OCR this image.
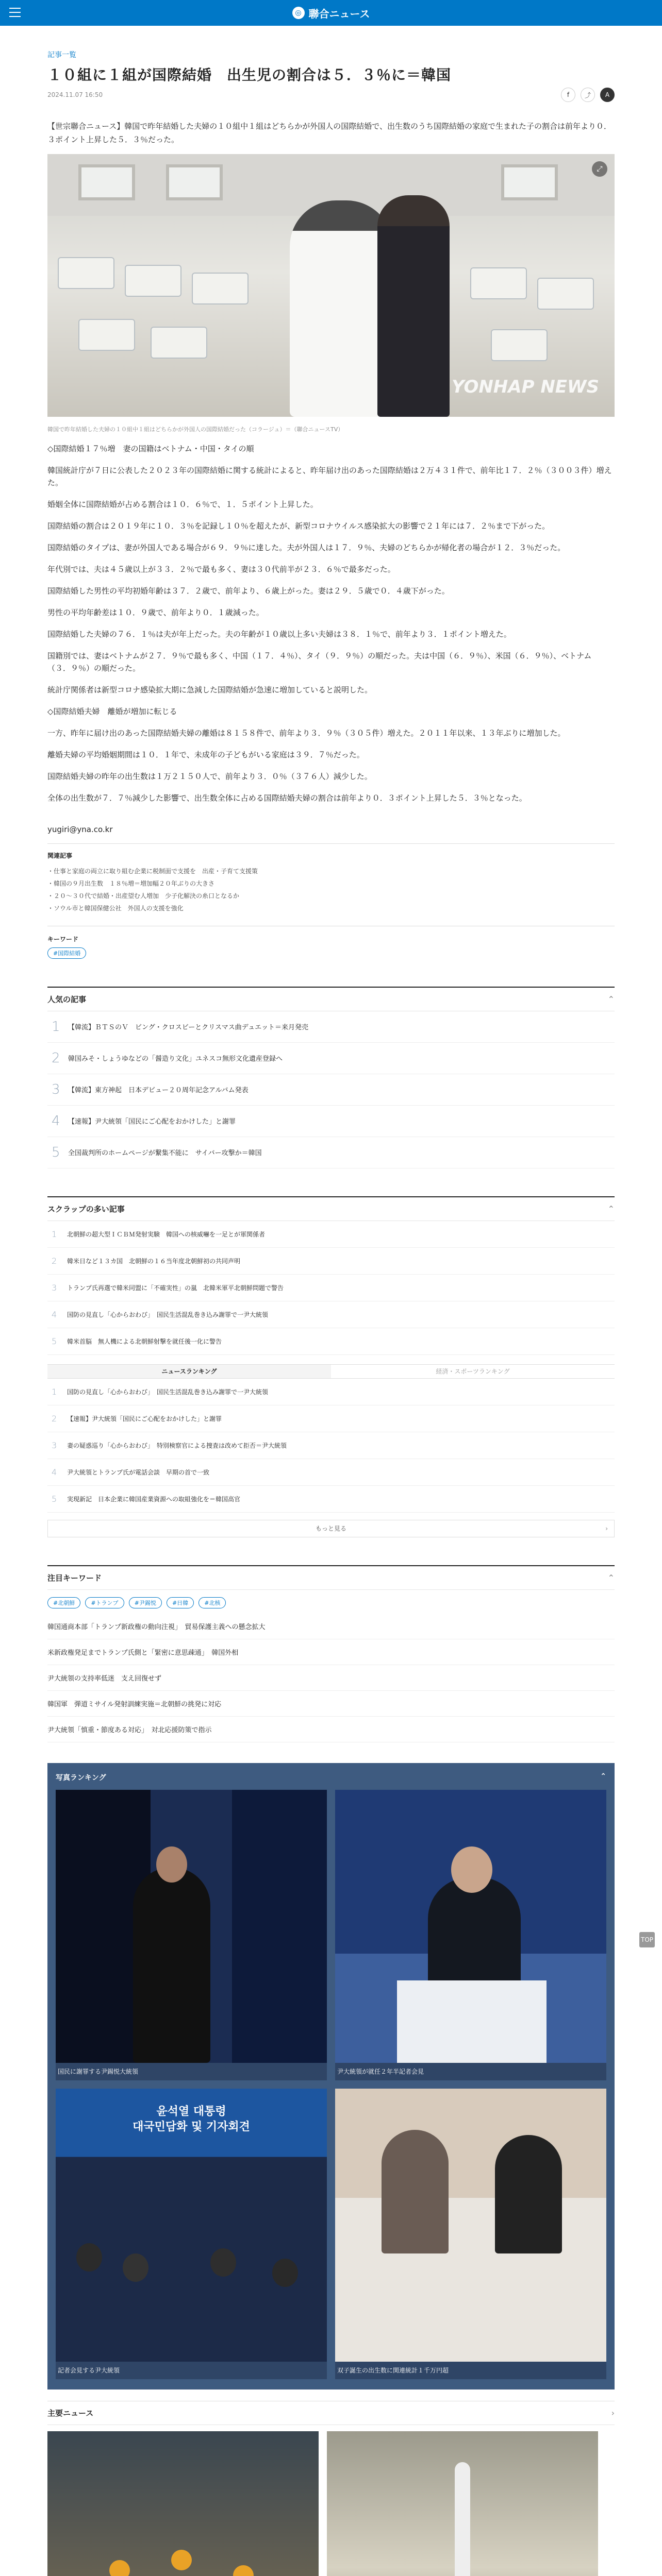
◎ 聯合ニュース
記事一覧
１０組に１組が国際結婚　出生児の割合は５．３％に＝韓国
2024.11.07 16:50	f	⤴	A

【世宗聯合ニュース】韓国で昨年結婚した夫婦の１０組中１組はどちらかが外国人の国際結婚で、出生数のうち国際結婚の家庭で生まれた子の割合は前年より０．３ポイント上昇した５．３％だった。

YONHAP NEWS
⤢
韓国で昨年結婚した夫婦の１０組中１組はどちらかが外国人の国際結婚だった（コラージュ）＝（聯合ニュースTV）

◇国際結婚１７％増　妻の国籍はベトナム・中国・タイの順

韓国統計庁が７日に公表した２０２３年の国際結婚に関する統計によると、昨年届け出のあった国際結婚は２万４３１件で、前年比１７．２％（３００３件）増えた。

婚姻全体に国際結婚が占める割合は１０．６％で、１．５ポイント上昇した。

国際結婚の割合は２０１９年に１０．３％を記録し１０％を超えたが、新型コロナウイルス感染拡大の影響で２１年には７．２％まで下がった。

国際結婚のタイプは、妻が外国人である場合が６９．９％に達した。夫が外国人は１７．９％、夫婦のどちらかが帰化者の場合が１２．３％だった。

年代別では、夫は４５歳以上が３３．２％で最も多く、妻は３０代前半が２３．６％で最多だった。

国際結婚した男性の平均初婚年齢は３７．２歳で、前年より、６歳上がった。妻は２９．５歳で０．４歳下がった。

男性の平均年齢差は１０．９歳で、前年より０．１歳減った。

国際結婚した夫婦の７６．１％は夫が年上だった。夫の年齢が１０歳以上多い夫婦は３８．１％で、前年より３．１ポイント増えた。

国籍別では、妻はベトナムが２７．９％で最も多く、中国（１７．４％）、タイ（９．９％）の順だった。夫は中国（６．９％）、米国（６．９％）、ベトナム（３．９％）の順だった。

統計庁関係者は新型コロナ感染拡大期に急減した国際結婚が急速に増加していると説明した。

◇国際結婚夫婦　離婚が増加に転じる

一方、昨年に届け出のあった国際結婚夫婦の離婚は８１５８件で、前年より３．９％（３０５件）増えた。２０１１年以来、１３年ぶりに増加した。

離婚夫婦の平均婚姻期間は１０．１年で、未成年の子どもがいる家庭は３９．７％だった。

国際結婚夫婦の昨年の出生数は１万２１５０人で、前年より３．０％（３７６人）減少した。

全体の出生数が７．７％減少した影響で、出生数全体に占める国際結婚夫婦の割合は前年より０．３ポイント上昇した５．３％となった。

yugiri@yna.co.kr
関連記事
・仕事と家庭の両立に取り組む企業に税制面で支援を　出産・子育て支援策
・韓国の９月出生数　１８％増＝増加幅２０年ぶりの大きさ
・２０～３０代で結婚・出産望む人増加　少子化解決の糸口となるか
・ソウル市と韓国保健公社　外国人の支援を強化
キーワード
#国際結婚
人気の記事	⌃
1	【韓流】ＢＴＳのＶ　ビング・クロスビーとクリスマス曲デュエット＝来月発売
2	韓国みそ・しょうゆなどの「醤造り文化」ユネスコ無形文化遺産登録へ
3	【韓流】東方神起　日本デビュー２０周年記念アルバム発表
4	【速報】尹大統領「国民にご心配をおかけした」と謝罪
5	全国裁判所のホームページが繋集不能に　サイバー攻撃か＝韓国
スクラップの多い記事	⌃
1	北朝鮮の超大型ＩＣＢＭ発射実験　韓国への核威嚇を一足とが軍関係者
2	韓米日など１３カ国　北朝鮮の１６当年度北朝鮮初の共同声明
3	トランプ氏再選で韓米同盟に「不確実性」の嵐　北韓米軍平北朝鮮問題で警告
4	国防の見直し「心からおわび」　国民生活混乱巻き込み謝罪で一尹大統領
5	韓米首脳　無人機による北朝鮮射撃を就任後一化に警告
ニュースランキング	経済・スポーツランキング
1	国防の見直し「心からおわび」　国民生活混乱巻き込み謝罪で一尹大統領
2	【速報】尹大統領「国民にご心配をおかけした」と謝罪
3	妻の疑惑巡り「心からおわび」　特別検察官による捜査は改めて拒否＝尹大統領
4	尹大統領とトランプ氏が電話会談　早期の首で一致
5	実現新記　日本企業に韓国産業資源への取組強化を＝韓国高官
もっと見る ›
注目キーワード	⌃
#北朝鮮	#トランプ	#尹錫悦	#日韓	#北核
韓国通商本部「トランプ新政権の動向注視」　貿易保護主義への懸念拡大
米新政権発足までトランプ氏側と「緊密に意思疎通」　韓国外相
尹大統領の支持率低迷　支え回復せず
韓国軍　弾道ミサイル発射訓練実施＝北朝鮮の挑発に対応
尹大統領「慎重・節度ある対応」　対北応援防策で指示
写真ランキング	⌃
国民に謝罪する尹錫悦大統領	尹大統領が就任２年半記者会見
윤석열 대통령
대국민담화 및 기자회견
記者会見する尹大統領	双子誕生の出生数に関連統計１千万円超
主要ニュース	›
TOP
